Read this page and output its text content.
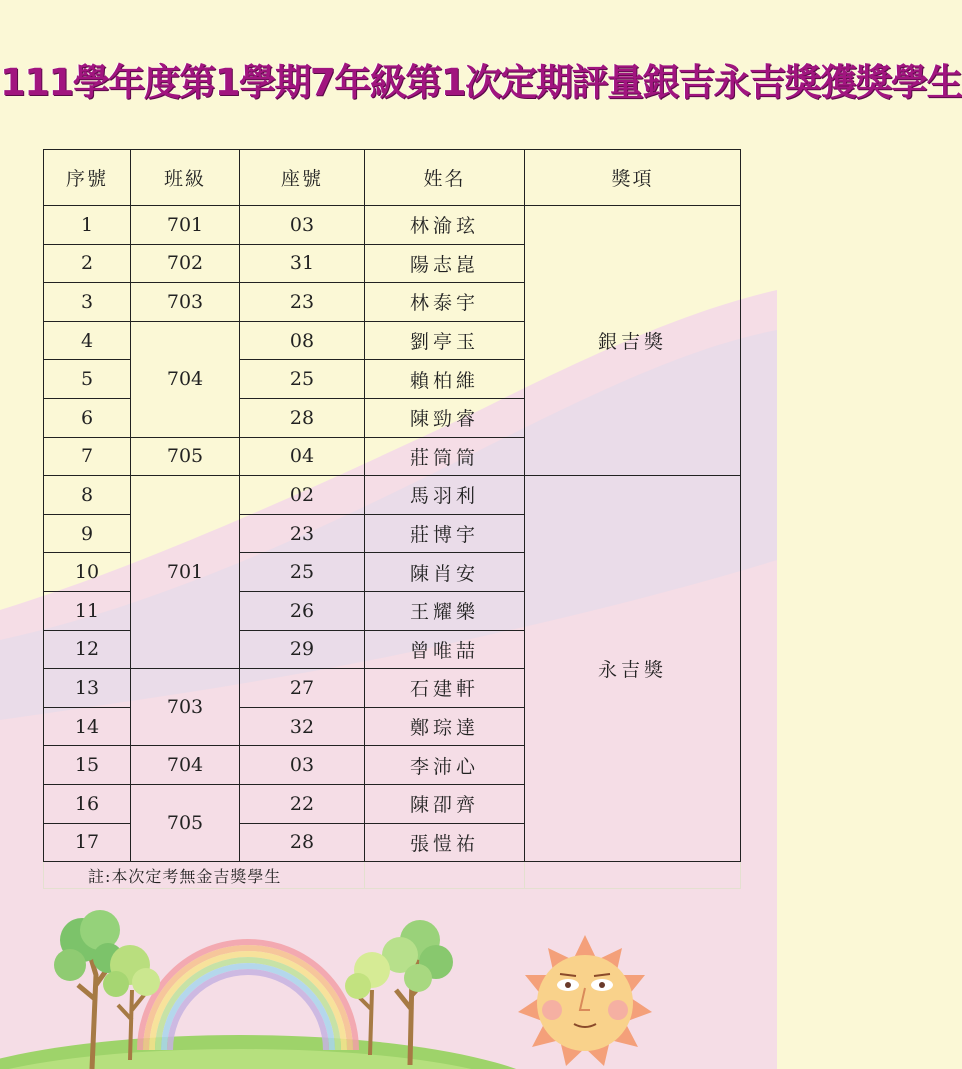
111學年度第1學期7年級第1次定期評量銀吉永吉獎獲獎學生
序號	班級	座號	姓名	獎項
1	701	03	林渝玹	銀吉獎
2	702	31	陽志崑	
3	703	23	林泰宇	
4	704	08	劉亭玉	
5		25	賴柏維	
6		28	陳勁睿	
7	705	04	莊筒筒	
8	701	02	馬羽利	永吉獎
9		23	莊博宇	
10		25	陳肖安	
11		26	王耀樂	
12		29	曾唯喆	
13	703	27	石建軒	
14		32	鄭琮達	
15	704	03	李沛心	
16	705	22	陳卲齊	
17		28	張愷祐	
註:本次定考無金吉獎學生				
